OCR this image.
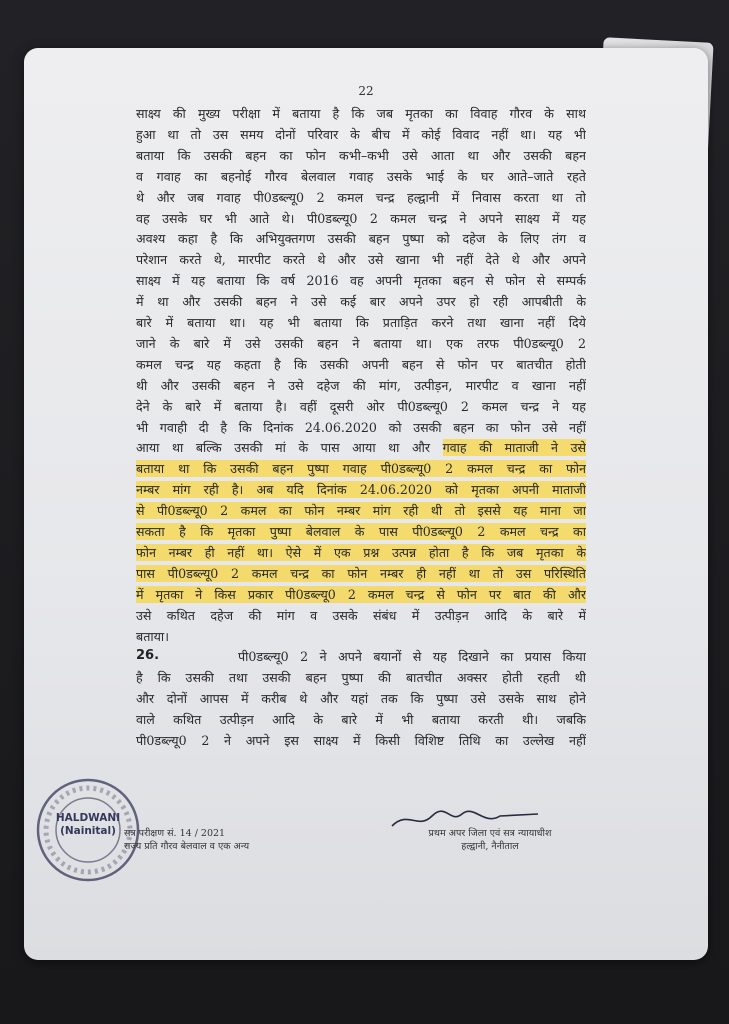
22
साक्ष्य की मुख्य परीक्षा में बताया है कि जब मृतका का विवाह गौरव के साथ
हुआ था तो उस समय दोनों परिवार के बीच में कोई विवाद नहीं था। यह भी
बताया कि उसकी बहन का फोन कभी–कभी उसे आता था और उसकी बहन
व गवाह का बहनोई गौरव बेलवाल गवाह उसके भाई के घर आते–जाते रहते
थे और जब गवाह पी0डब्ल्यू0 2 कमल चन्द्र हल्द्वानी में निवास करता था तो
वह उसके घर भी आते थे। पी0डब्ल्यू0 2 कमल चन्द्र ने अपने साक्ष्य में यह
अवश्य कहा है कि अभियुक्तगण उसकी बहन पुष्पा को दहेज के लिए तंग व
परेशान करते थे, मारपीट करते थे और उसे खाना भी नहीं देते थे और अपने
साक्ष्य में यह बताया कि वर्ष 2016 वह अपनी मृतका बहन से फोन से सम्पर्क
में था और उसकी बहन ने उसे कई बार अपने उपर हो रही आपबीती के
बारे में बताया था। यह भी बताया कि प्रताड़ित करने तथा खाना नहीं दिये
जाने के बारे में उसे उसकी बहन ने बताया था। एक तरफ पी0डब्ल्यू0 2
कमल चन्द्र यह कहता है कि उसकी अपनी बहन से फोन पर बातचीत होती
थी और उसकी बहन ने उसे दहेज की मांग, उत्पीड़न, मारपीट व खाना नहीं
देने के बारे में बताया है। वहीं दूसरी ओर पी0डब्ल्यू0 2 कमल चन्द्र ने यह
भी गवाही दी है कि दिनांक 24.06.2020 को उसकी बहन का फोन उसे नहीं
आया था बल्कि उसकी मां के पास आया था और गवाह की माताजी ने उसे
बताया था कि उसकी बहन पुष्पा गवाह पी0डब्ल्यू0 2 कमल चन्द्र का फोन
नम्बर मांग रही है। अब यदि दिनांक 24.06.2020 को मृतका अपनी माताजी
से पी0डब्ल्यू0 2 कमल का फोन नम्बर मांग रही थी तो इससे यह माना जा
सकता है कि मृतका पुष्पा बेलवाल के पास पी0डब्ल्यू0 2 कमल चन्द्र का
फोन नम्बर ही नहीं था। ऐसे में एक प्रश्न उत्पन्न होता है कि जब मृतका के
पास पी0डब्ल्यू0 2 कमल चन्द्र का फोन नम्बर ही नहीं था तो उस परिस्थिति
में मृतका ने किस प्रकार पी0डब्ल्यू0 2 कमल चन्द्र से फोन पर बात की और
उसे कथित दहेज की मांग व उसके संबंध में उत्पीड़न आदि के बारे में
बताया।
पी0डब्ल्यू0 2 ने अपने बयानों से यह दिखाने का प्रयास किया
है कि उसकी तथा उसकी बहन पुष्पा की बातचीत अक्सर होती रहती थी
और दोनों आपस में करीब थे और यहां तक कि पुष्पा उसे उसके साथ होने
वाले कथित उत्पीड़न आदि के बारे में भी बताया करती थी। जबकि
पी0डब्ल्यू0 2 ने अपने इस साक्ष्य में किसी विशिष्ट तिथि का उल्लेख नहीं
26.
HALDWANI
(Nainital) सत्र परीक्षण सं. 14 / 2021
राज्य प्रति गौरव बेलवाल व एक अन्य
प्रथम अपर जिला एवं सत्र न्यायाधीश
हल्द्वानी, नैनीताल
